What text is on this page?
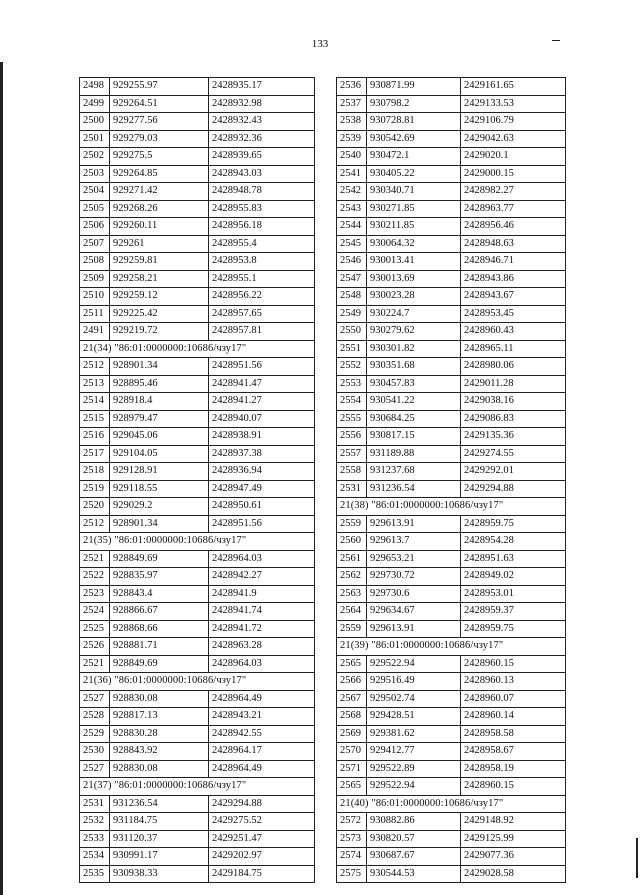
133
2498	929255.97	2428935.17
2499	929264.51	2428932.98
2500	929277.56	2428932.43
2501	929279.03	2428932.36
2502	929275.5	2428939.65
2503	929264.85	2428943.03
2504	929271.42	2428948.78
2505	929268.26	2428955.83
2506	929260.11	2428956.18
2507	929261	2428955.4
2508	929259.81	2428953.8
2509	929258.21	2428955.1
2510	929259.12	2428956.22
2511	929225.42	2428957.65
2491	929219.72	2428957.81
21(34) "86:01:0000000:10686/чзу17"		
2512	928901.34	2428951.56
2513	928895.46	2428941.47
2514	928918.4	2428941.27
2515	928979.47	2428940.07
2516	929045.06	2428938.91
2517	929104.05	2428937.38
2518	929128.91	2428936.94
2519	929118.55	2428947.49
2520	929029.2	2428950.61
2512	928901.34	2428951.56
21(35) "86:01:0000000:10686/чзу17"		
2521	928849.69	2428964.03
2522	928835.97	2428942.27
2523	928843.4	2428941.9
2524	928866.67	2428941.74
2525	928868.66	2428941.72
2526	928881.71	2428963.28
2521	928849.69	2428964.03
21(36) "86:01:0000000:10686/чзу17"		
2527	928830.08	2428964.49
2528	928817.13	2428943.21
2529	928830.28	2428942.55
2530	928843.92	2428964.17
2527	928830.08	2428964.49
21(37) "86:01:0000000:10686/чзу17"		
2531	931236.54	2429294.88
2532	931184.75	2429275.52
2533	931120.37	2429251.47
2534	930991.17	2429202.97
2535	930938.33	2429184.75
2536	930871.99	2429161.65
2537	930798.2	2429133.53
2538	930728.81	2429106.79
2539	930542.69	2429042.63
2540	930472.1	2429020.1
2541	930405.22	2429000.15
2542	930340.71	2428982.27
2543	930271.85	2428963.77
2544	930211.85	2428956.46
2545	930064.32	2428948.63
2546	930013.41	2428946.71
2547	930013.69	2428943.86
2548	930023.28	2428943.67
2549	930224.7	2428953.45
2550	930279.62	2428960.43
2551	930301.82	2428965.11
2552	930351.68	2428980.06
2553	930457.83	2429011.28
2554	930541.22	2429038.16
2555	930684.25	2429086.83
2556	930817.15	2429135.36
2557	931189.88	2429274.55
2558	931237.68	2429292.01
2531	931236.54	2429294.88
21(38) "86:01:0000000:10686/чзу17"		
2559	929613.91	2428959.75
2560	929613.7	2428954.28
2561	929653.21	2428951.63
2562	929730.72	2428949.02
2563	929730.6	2428953.01
2564	929634.67	2428959.37
2559	929613.91	2428959.75
21(39) "86:01:0000000:10686/чзу17"		
2565	929522.94	2428960.15
2566	929516.49	2428960.13
2567	929502.74	2428960.07
2568	929428.51	2428960.14
2569	929381.62	2428958.58
2570	929412.77	2428958.67
2571	929522.89	2428958.19
2565	929522.94	2428960.15
21(40) "86:01:0000000:10686/чзу17"		
2572	930882.86	2429148.92
2573	930820.57	2429125.99
2574	930687.67	2429077.36
2575	930544.53	2429028.58
